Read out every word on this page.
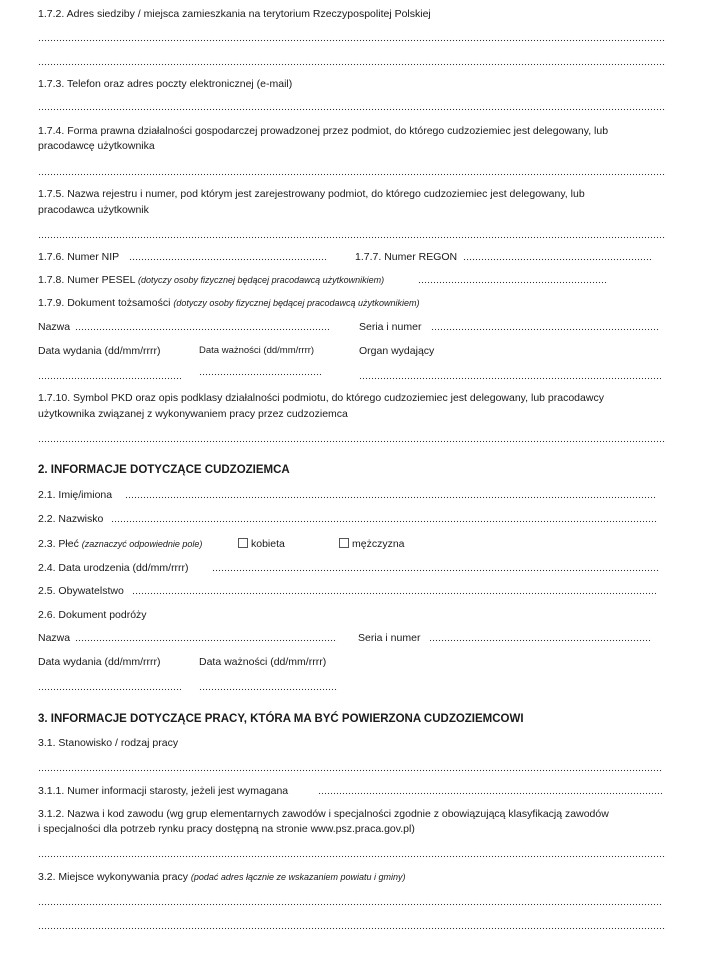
1.7.2. Adres siedziby / miejsca zamieszkania na terytorium Rzeczypospolitej Polskiej
1.7.3. Telefon oraz adres poczty elektronicznej (e-mail)
1.7.4. Forma prawna działalności gospodarczej prowadzonej przez podmiot, do którego cudzoziemiec jest delegowany, lub
pracodawcę użytkownika
1.7.5. Nazwa rejestru i numer, pod którym jest zarejestrowany podmiot, do którego cudzoziemiec jest delegowany, lub
pracodawca użytkownik
1.7.6. Numer NIP	1.7.7. Numer REGON
1.7.8. Numer PESEL (dotyczy osoby fizycznej będącej pracodawcą użytkownikiem)
1.7.9. Dokument tożsamości (dotyczy osoby fizycznej będącej pracodawcą użytkownikiem)
Nazwa	Seria i numer
Data wydania (dd/mm/rrrr)	Data ważności (dd/mm/rrrr)	Organ wydający
1.7.10. Symbol PKD oraz opis podklasy działalności podmiotu, do którego cudzoziemiec jest delegowany, lub pracodawcy
użytkownika związanej z wykonywaniem pracy przez cudzoziemca
2. INFORMACJE DOTYCZĄCE CUDZOZIEMCA
2.1. Imię/imiona
2.2. Nazwisko
2.3. Płeć (zaznaczyć odpowiednie pole)	kobieta	mężczyzna
2.4. Data urodzenia (dd/mm/rrrr)
2.5. Obywatelstwo
2.6. Dokument podróży
Nazwa	Seria i numer
Data wydania (dd/mm/rrrr)	Data ważności (dd/mm/rrrr)
3. INFORMACJE DOTYCZĄCE PRACY, KTÓRA MA BYĆ POWIERZONA CUDZOZIEMCOWI
3.1. Stanowisko / rodzaj pracy
3.1.1. Numer informacji starosty, jeżeli jest wymagana
3.1.2. Nazwa i kod zawodu (wg grup elementarnych zawodów i specjalności zgodnie z obowiązującą klasyfikacją zawodów
i specjalności dla potrzeb rynku pracy dostępną na stronie www.psz.praca.gov.pl)
3.2. Miejsce wykonywania pracy (podać adres łącznie ze wskazaniem powiatu i gminy)
